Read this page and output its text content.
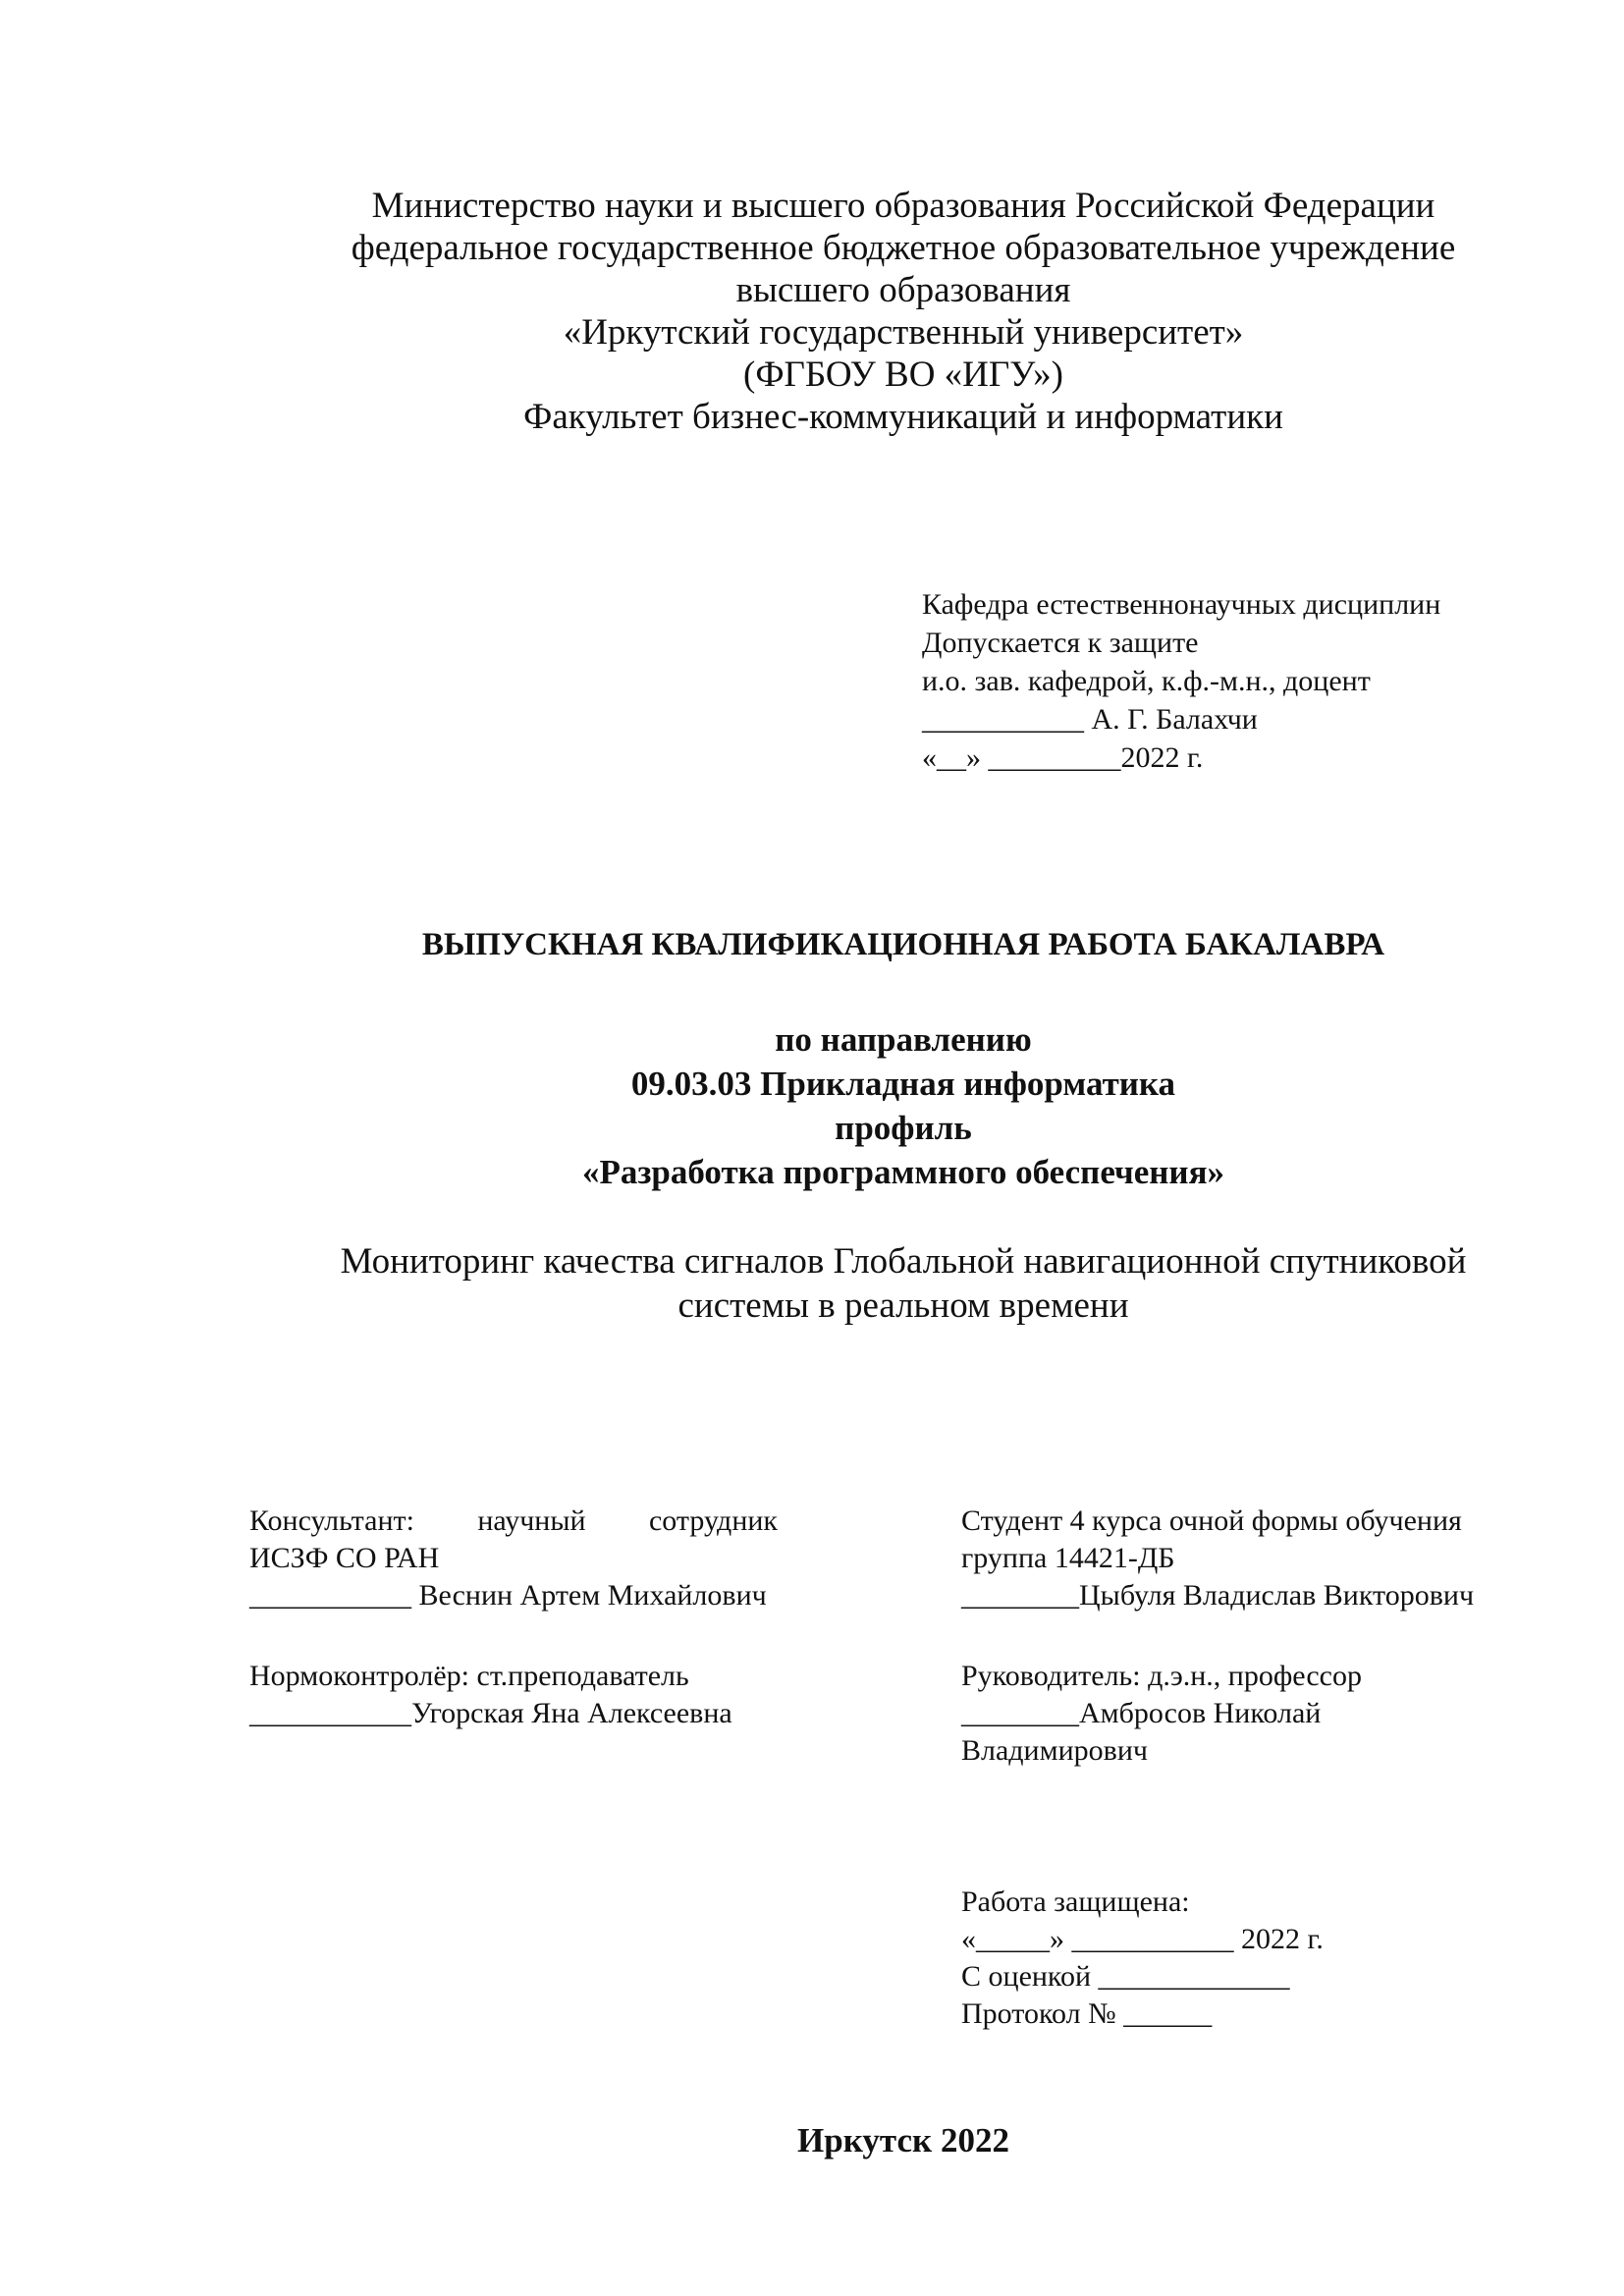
Министерство науки и высшего образования Российской Федерации
федеральное государственное бюджетное образовательное учреждение
высшего образования
«Иркутский государственный университет»
(ФГБОУ ВО «ИГУ»)
Факультет бизнес-коммуникаций и информатики
Кафедра естественнонаучных дисциплин
Допускается к защите
и.о. зав. кафедрой, к.ф.-м.н., доцент
___________ А. Г. Балахчи
«__» _________2022 г.
ВЫПУСКНАЯ КВАЛИФИКАЦИОННАЯ РАБОТА БАКАЛАВРА
по направлению
09.03.03 Прикладная информатика
профиль
«Разработка программного обеспечения»
Мониторинг качества сигналов Глобальной навигационной спутниковой
системы в реальном времени
Консультант: научный сотрудник
ИСЗФ СО РАН
___________ Веснин Артем Михайлович
Нормоконтролёр: ст.преподаватель
___________Угорская Яна Алексеевна
Студент 4 курса очной формы обучения
группа 14421-ДБ
________Цыбуля Владислав Викторович
Руководитель: д.э.н., профессор
________Амбросов Николай
Владимирович
Работа защищена:
«_____» ___________ 2022 г.
С оценкой _____________
Протокол № ______
Иркутск 2022
